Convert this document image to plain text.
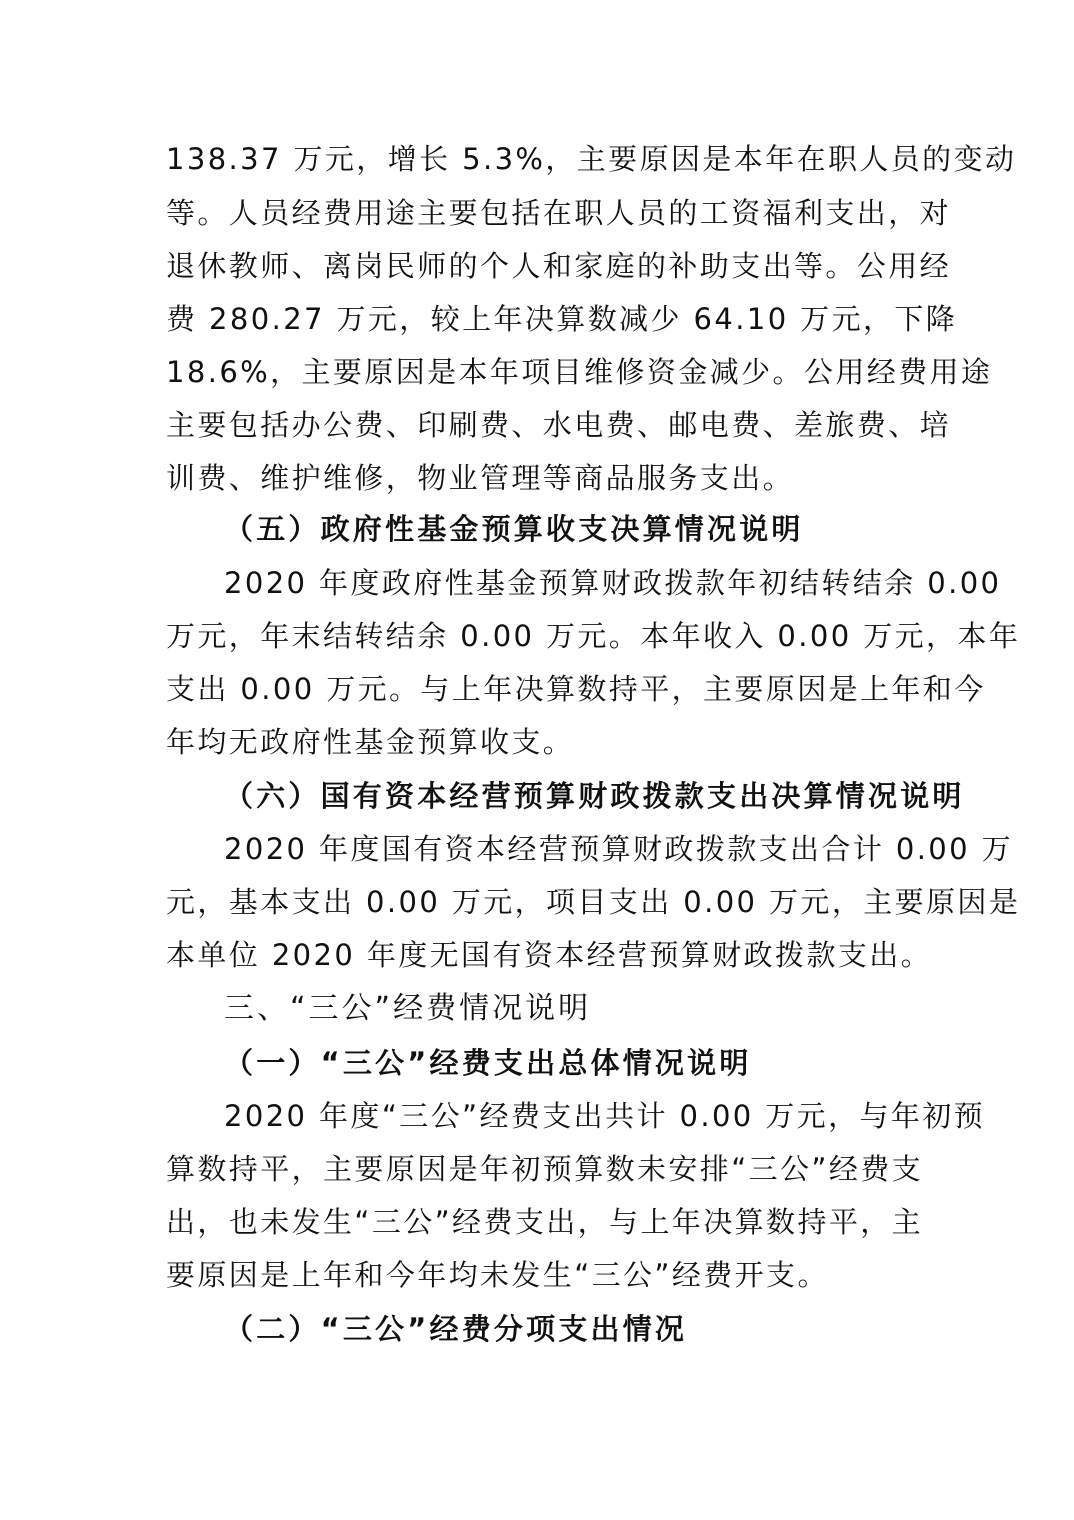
138.37 万元，增长 5.3%，主要原因是本年在职人员的变动
等。人员经费用途主要包括在职人员的工资福利支出，对
退休教师、离岗民师的个人和家庭的补助支出等。公用经
费 280.27 万元，较上年决算数减少 64.10 万元，下降
18.6%，主要原因是本年项目维修资金减少。公用经费用途
主要包括办公费、印刷费、水电费、邮电费、差旅费、培
训费、维护维修，物业管理等商品服务支出。
（五）政府性基金预算收支决算情况说明
2020 年度政府性基金预算财政拨款年初结转结余 0.00
万元，年末结转结余 0.00 万元。本年收入 0.00 万元，本年
支出 0.00 万元。与上年决算数持平，主要原因是上年和今
年均无政府性基金预算收支。
（六）国有资本经营预算财政拨款支出决算情况说明
2020 年度国有资本经营预算财政拨款支出合计 0.00 万
元，基本支出 0.00 万元，项目支出 0.00 万元，主要原因是
本单位 2020 年度无国有资本经营预算财政拨款支出。
三、“三公”经费情况说明
（一）“三公”经费支出总体情况说明
2020 年度“三公”经费支出共计 0.00 万元，与年初预
算数持平，主要原因是年初预算数未安排“三公”经费支
出，也未发生“三公”经费支出，与上年决算数持平，主
要原因是上年和今年均未发生“三公”经费开支。
（二）“三公”经费分项支出情况
